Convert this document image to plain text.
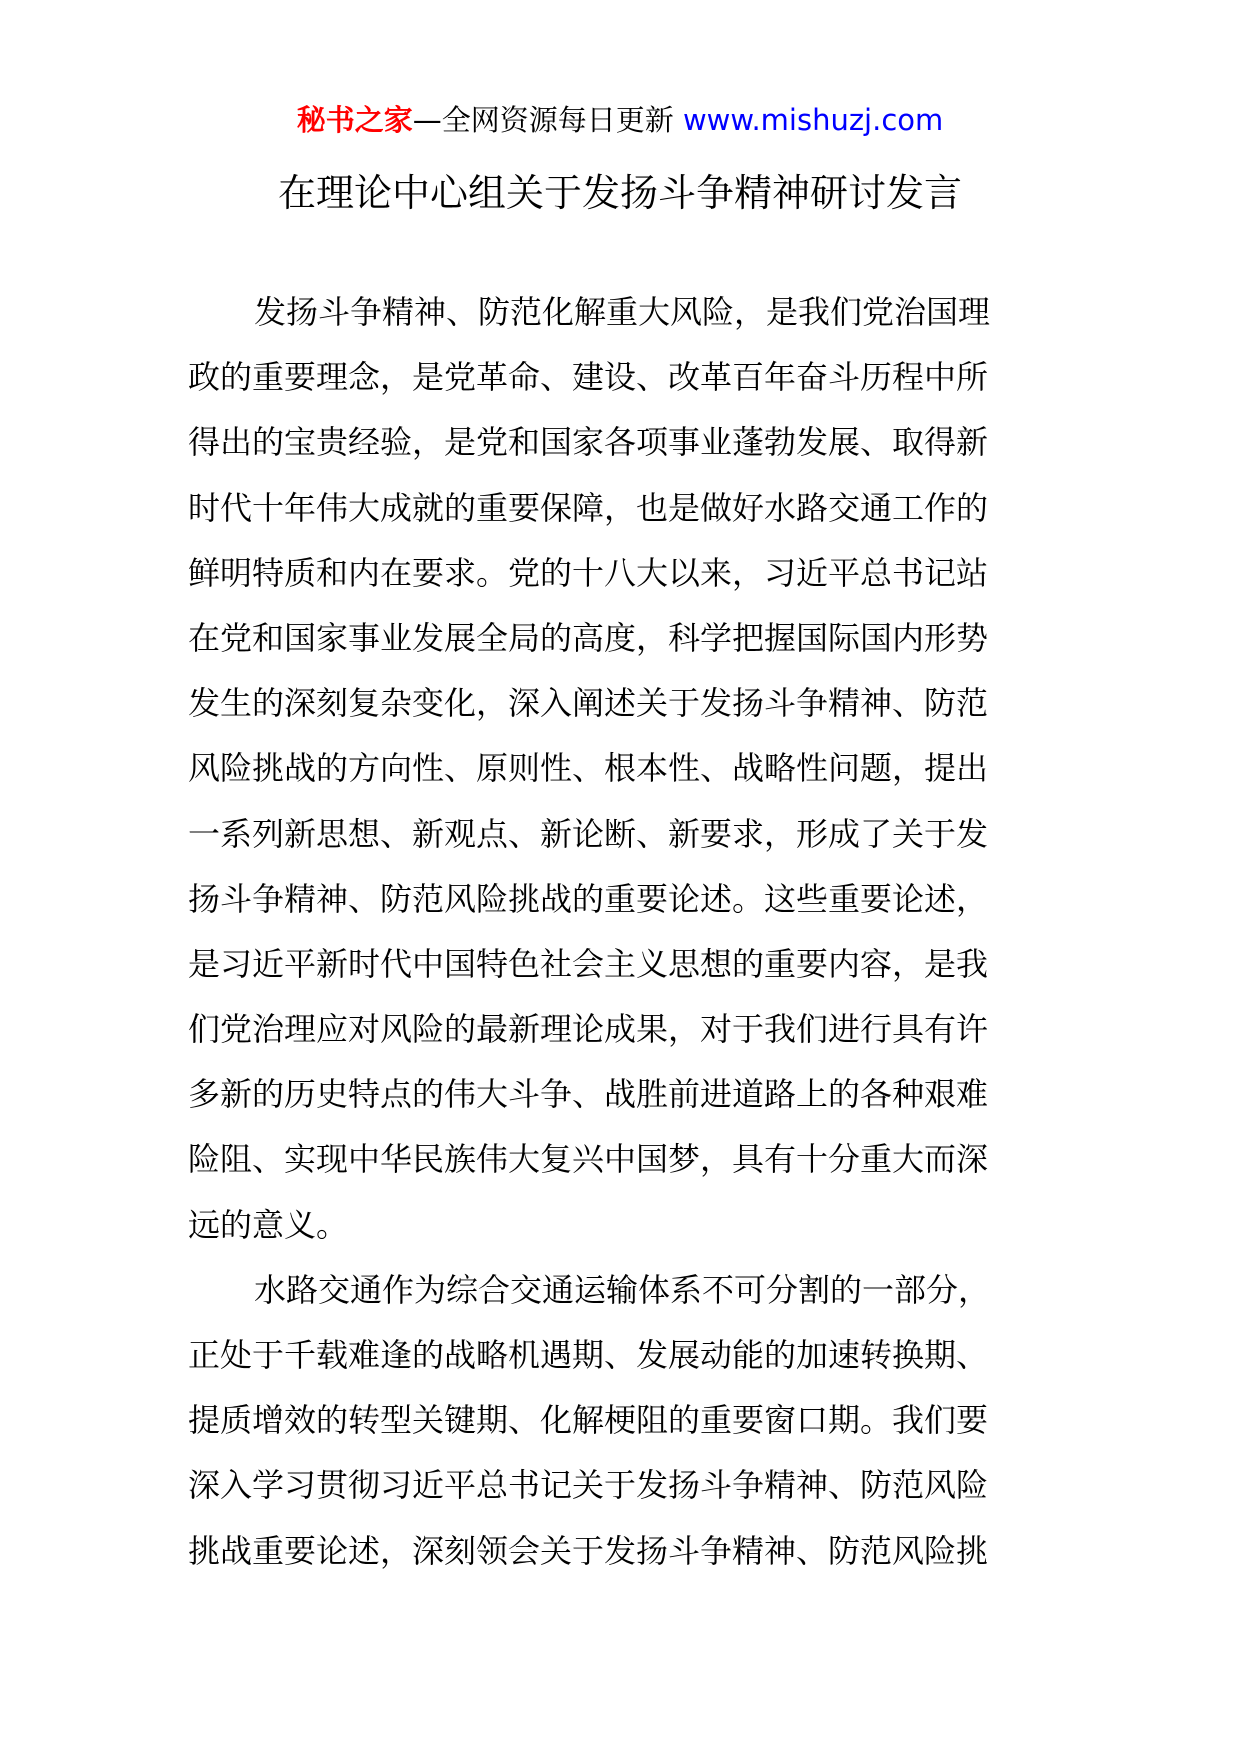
秘书之家—全网资源每日更新 www.mishuzj.com
在理论中心组关于发扬斗争精神研讨发言
发扬斗争精神、防范化解重大风险，是我们党治国理
政的重要理念，是党革命、建设、改革百年奋斗历程中所
得出的宝贵经验，是党和国家各项事业蓬勃发展、取得新
时代十年伟大成就的重要保障，也是做好水路交通工作的
鲜明特质和内在要求。党的十八大以来，习近平总书记站
在党和国家事业发展全局的高度，科学把握国际国内形势
发生的深刻复杂变化，深入阐述关于发扬斗争精神、防范
风险挑战的方向性、原则性、根本性、战略性问题，提出
一系列新思想、新观点、新论断、新要求，形成了关于发
扬斗争精神、防范风险挑战的重要论述。这些重要论述，
是习近平新时代中国特色社会主义思想的重要内容，是我
们党治理应对风险的最新理论成果，对于我们进行具有许
多新的历史特点的伟大斗争、战胜前进道路上的各种艰难
险阻、实现中华民族伟大复兴中国梦，具有十分重大而深
远的意义。
水路交通作为综合交通运输体系不可分割的一部分，
正处于千载难逢的战略机遇期、发展动能的加速转换期、
提质增效的转型关键期、化解梗阻的重要窗口期。我们要
深入学习贯彻习近平总书记关于发扬斗争精神、防范风险
挑战重要论述，深刻领会关于发扬斗争精神、防范风险挑
